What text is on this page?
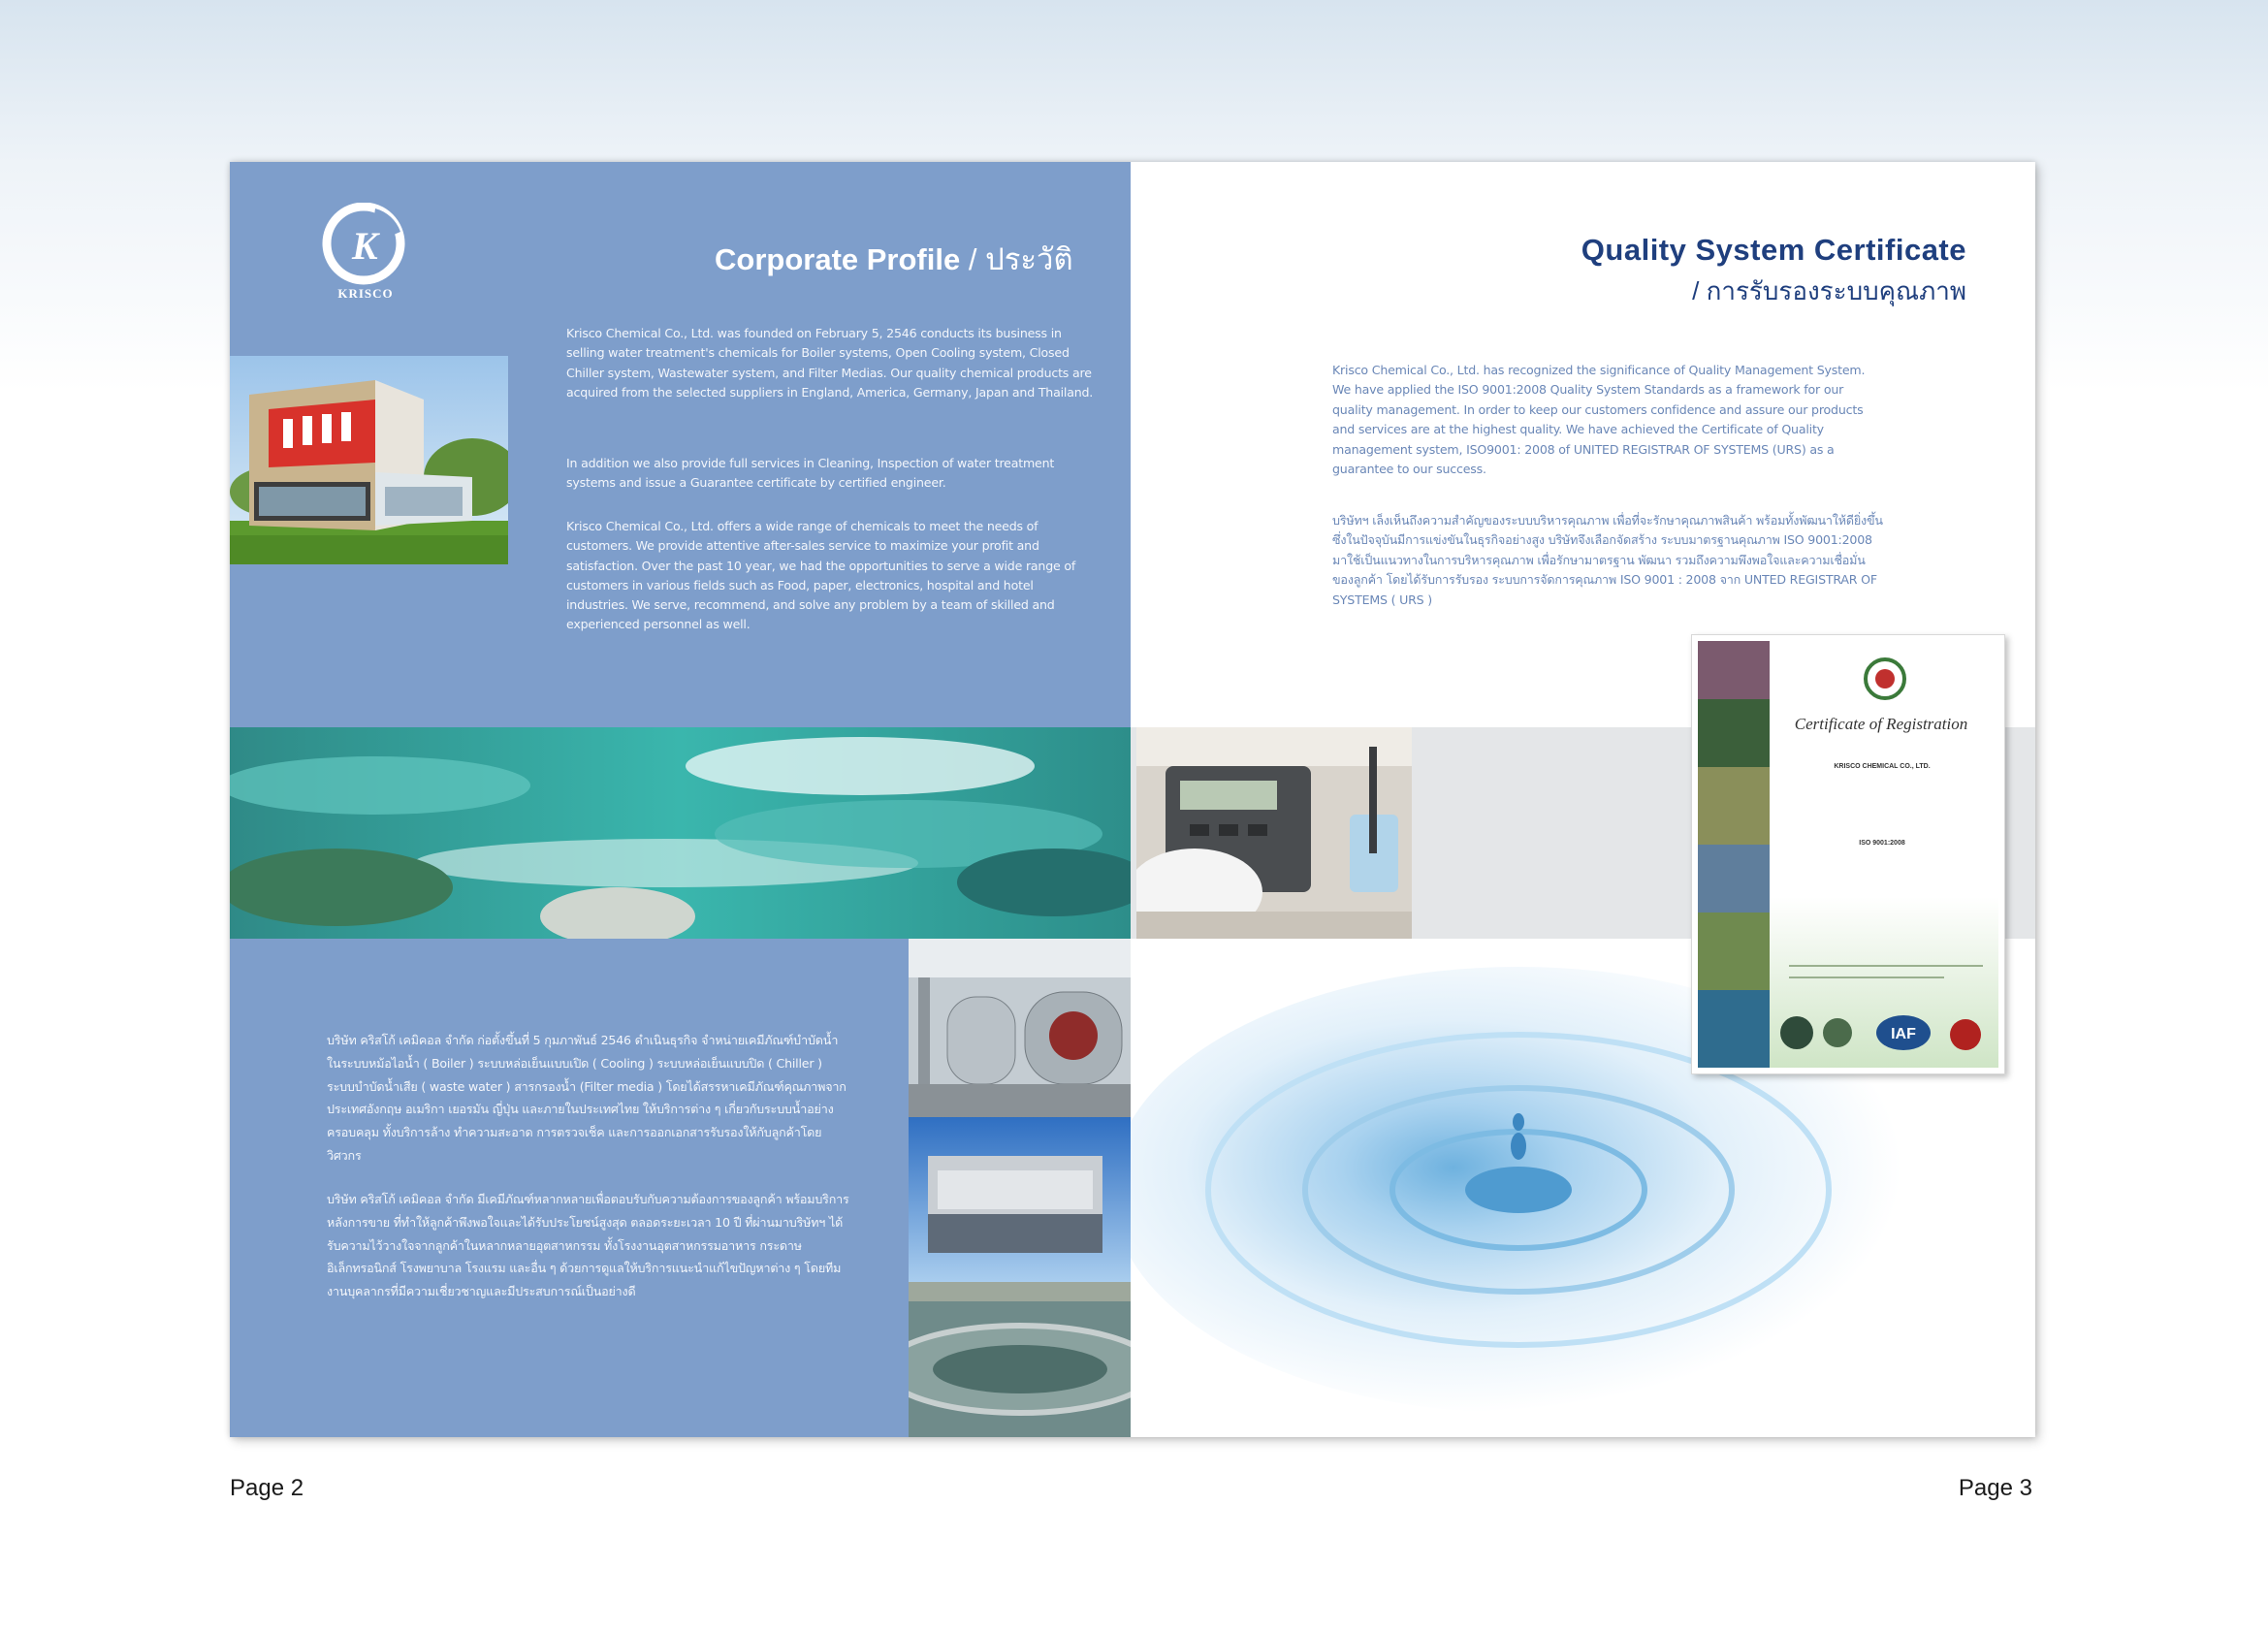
K
KRISCO
Corporate Profile / ประวัติ

Krisco Chemical Co., Ltd. was founded on February 5, 2546 conducts its business in selling water treatment's chemicals for Boiler systems, Open Cooling system, Closed Chiller system, Wastewater system, and Filter Medias. Our quality chemical products are acquired from the selected suppliers in England, America, Germany, Japan and Thailand.

In addition we also provide full services in Cleaning, Inspection of water treatment systems and issue a Guarantee certificate by certified engineer.

Krisco Chemical Co., Ltd. offers a wide range of chemicals to meet the needs of customers. We provide attentive after-sales service to maximize your profit and satisfaction. Over the past 10 year, we had the opportunities to serve a wide range of customers in various fields such as Food, paper, electronics, hospital and hotel industries. We serve, recommend, and solve any problem by a team of skilled and experienced personnel as well.

บริษัท คริสโก้ เคมิคอล จำกัด ก่อตั้งขึ้นที่ 5 กุมภาพันธ์ 2546 ดำเนินธุรกิจ จำหน่ายเคมีภัณฑ์บำบัดน้ำในระบบหม้อไอน้ำ ( Boiler ) ระบบหล่อเย็นแบบเปิด ( Cooling ) ระบบหล่อเย็นแบบปิด ( Chiller ) ระบบบำบัดน้ำเสีย ( waste water ) สารกรองน้ำ (Filter media ) โดยได้สรรหาเคมีภัณฑ์คุณภาพจากประเทศอังกฤษ อเมริกา เยอรมัน ญี่ปุ่น และภายในประเทศไทย ให้บริการต่าง ๆ เกี่ยวกับระบบน้ำอย่างครอบคลุม ทั้งบริการล้าง ทำความสะอาด การตรวจเช็ค และการออกเอกสารรับรองให้กับลูกค้าโดยวิศวกร

บริษัท คริสโก้ เคมิคอล จำกัด มีเคมีภัณฑ์หลากหลายเพื่อตอบรับกับความต้องการของลูกค้า พร้อมบริการหลังการขาย ที่ทำให้ลูกค้าพึงพอใจและได้รับประโยชน์สูงสุด ตลอดระยะเวลา 10 ปี ที่ผ่านมาบริษัทฯ ได้รับความไว้วางใจจากลูกค้าในหลากหลายอุตสาหกรรม ทั้งโรงงานอุตสาหกรรมอาหาร กระดาษ อิเล็กทรอนิกส์ โรงพยาบาล โรงแรม และอื่น ๆ ด้วยการดูแลให้บริการแนะนำแก้ไขปัญหาต่าง ๆ โดยทีมงานบุคลากรที่มีความเชี่ยวชาญและมีประสบการณ์เป็นอย่างดี

Quality System Certificate
/ การรับรองระบบคุณภาพ

Krisco Chemical Co., Ltd. has recognized the significance of Quality Management System. We have applied the ISO 9001:2008 Quality System Standards as a framework for our quality management. In order to keep our customers confidence and assure our products and services are at the highest quality. We have achieved the Certificate of Quality management system, ISO9001: 2008 of UNITED REGISTRAR OF SYSTEMS (URS) as a guarantee to our success.

บริษัทฯ เล็งเห็นถึงความสำคัญของระบบบริหารคุณภาพ เพื่อที่จะรักษาคุณภาพสินค้า พร้อมทั้งพัฒนาให้ดียิ่งขึ้น ซึ่งในปัจจุบันมีการแข่งขันในธุรกิจอย่างสูง บริษัทจึงเลือกจัดสร้าง ระบบมาตรฐานคุณภาพ ISO 9001:2008 มาใช้เป็นแนวทางในการบริหารคุณภาพ เพื่อรักษามาตรฐาน พัฒนา รวมถึงความพึงพอใจและความเชื่อมั่นของลูกค้า โดยได้รับการรับรอง ระบบการจัดการคุณภาพ ISO 9001 : 2008 จาก UNTED REGISTRAR OF SYSTEMS ( URS )

IAF
Certificate of Registration
KRISCO CHEMICAL CO., LTD.
ISO 9001:2008
Page 2	Page 3
